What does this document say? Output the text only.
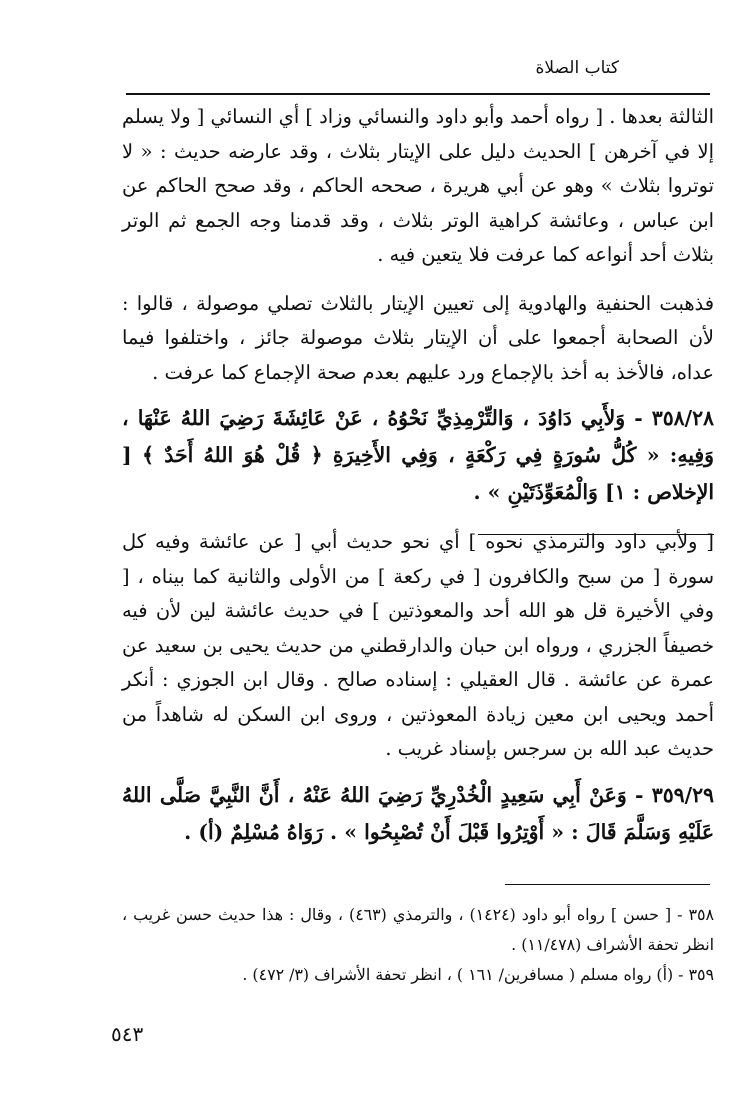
كتاب الصلاة

الثالثة بعدها . [ رواه أحمد وأبو داود والنسائي وزاد ] أي النسائي [ ولا يسلم إلا في آخرهن ] الحديث دليل على الإيتار بثلاث ، وقد عارضه حديث : « لا توتروا بثلاث » وهو عن أبي هريرة ، صححه الحاكم ، وقد صحح الحاكم عن ابن عباس ، وعائشة كراهية الوتر بثلاث ، وقد قدمنا وجه الجمع ثم الوتر بثلاث أحد أنواعه كما عرفت فلا يتعين فيه .

فذهبت الحنفية والهادوية إلى تعيين الإيتار بالثلاث تصلي موصولة ، قالوا : لأن الصحابة أجمعوا على أن الإيتار بثلاث موصولة جائز ، واختلفوا فيما عداه، فالأخذ به أخذ بالإجماع ورد عليهم بعدم صحة الإجماع كما عرفت .

٣٥٨/٢٨ - وَلأَبِي دَاوُدَ ، وَالتِّرْمِذِيِّ نَحْوُهُ ، عَنْ عَائِشَةَ رَضِيَ اللهُ عَنْهَا ، وَفِيهِ: « كُلُّ سُورَةٍ فِي رَكْعَةٍ ، وَفِي الأَخِيرَةِ ﴿ قُلْ هُوَ اللهُ أَحَدٌ ﴾ [ الإخلاص : ١] وَالْمُعَوِّذَتَيْنِ » .

[ ولأبي داود والترمذي نحوه ] أي نحو حديث أبي [ عن عائشة وفيه كل سورة [ من سبح والكافرون [ في ركعة ] من الأولى والثانية كما بيناه ، [ وفي الأخيرة قل هو الله أحد والمعوذتين ] في حديث عائشة لين لأن فيه خصيفاً الجزري ، ورواه ابن حبان والدارقطني من حديث يحيى بن سعيد عن عمرة عن عائشة . قال العقيلي : إسناده صالح . وقال ابن الجوزي : أنكر أحمد ويحيى ابن معين زيادة المعوذتين ، وروى ابن السكن له شاهداً من حديث عبد الله بن سرجس بإسناد غريب .

٣٥٩/٢٩ - وَعَنْ أَبِي سَعِيدٍ الْخُدْرِيِّ رَضِيَ اللهُ عَنْهُ ، أَنَّ النَّبِيَّ صَلَّى اللهُ عَلَيْهِ وَسَلَّمَ قَالَ : « أَوْتِرُوا قَبْلَ أَنْ تُصْبِحُوا » . رَوَاهُ مُسْلِمٌ (أ) .

٣٥٨ - [ حسن ] رواه أبو داود (١٤٢٤) ، والترمذي (٤٦٣) ، وقال : هذا حديث حسن غريب ، انظر تحفة الأشراف (١١/٤٧٨) .

٣٥٩ - (أ) رواه مسلم ( مسافرين/ ١٦١ ) ، انظر تحفة الأشراف (٣/ ٤٧٢) .

٥٤٣
